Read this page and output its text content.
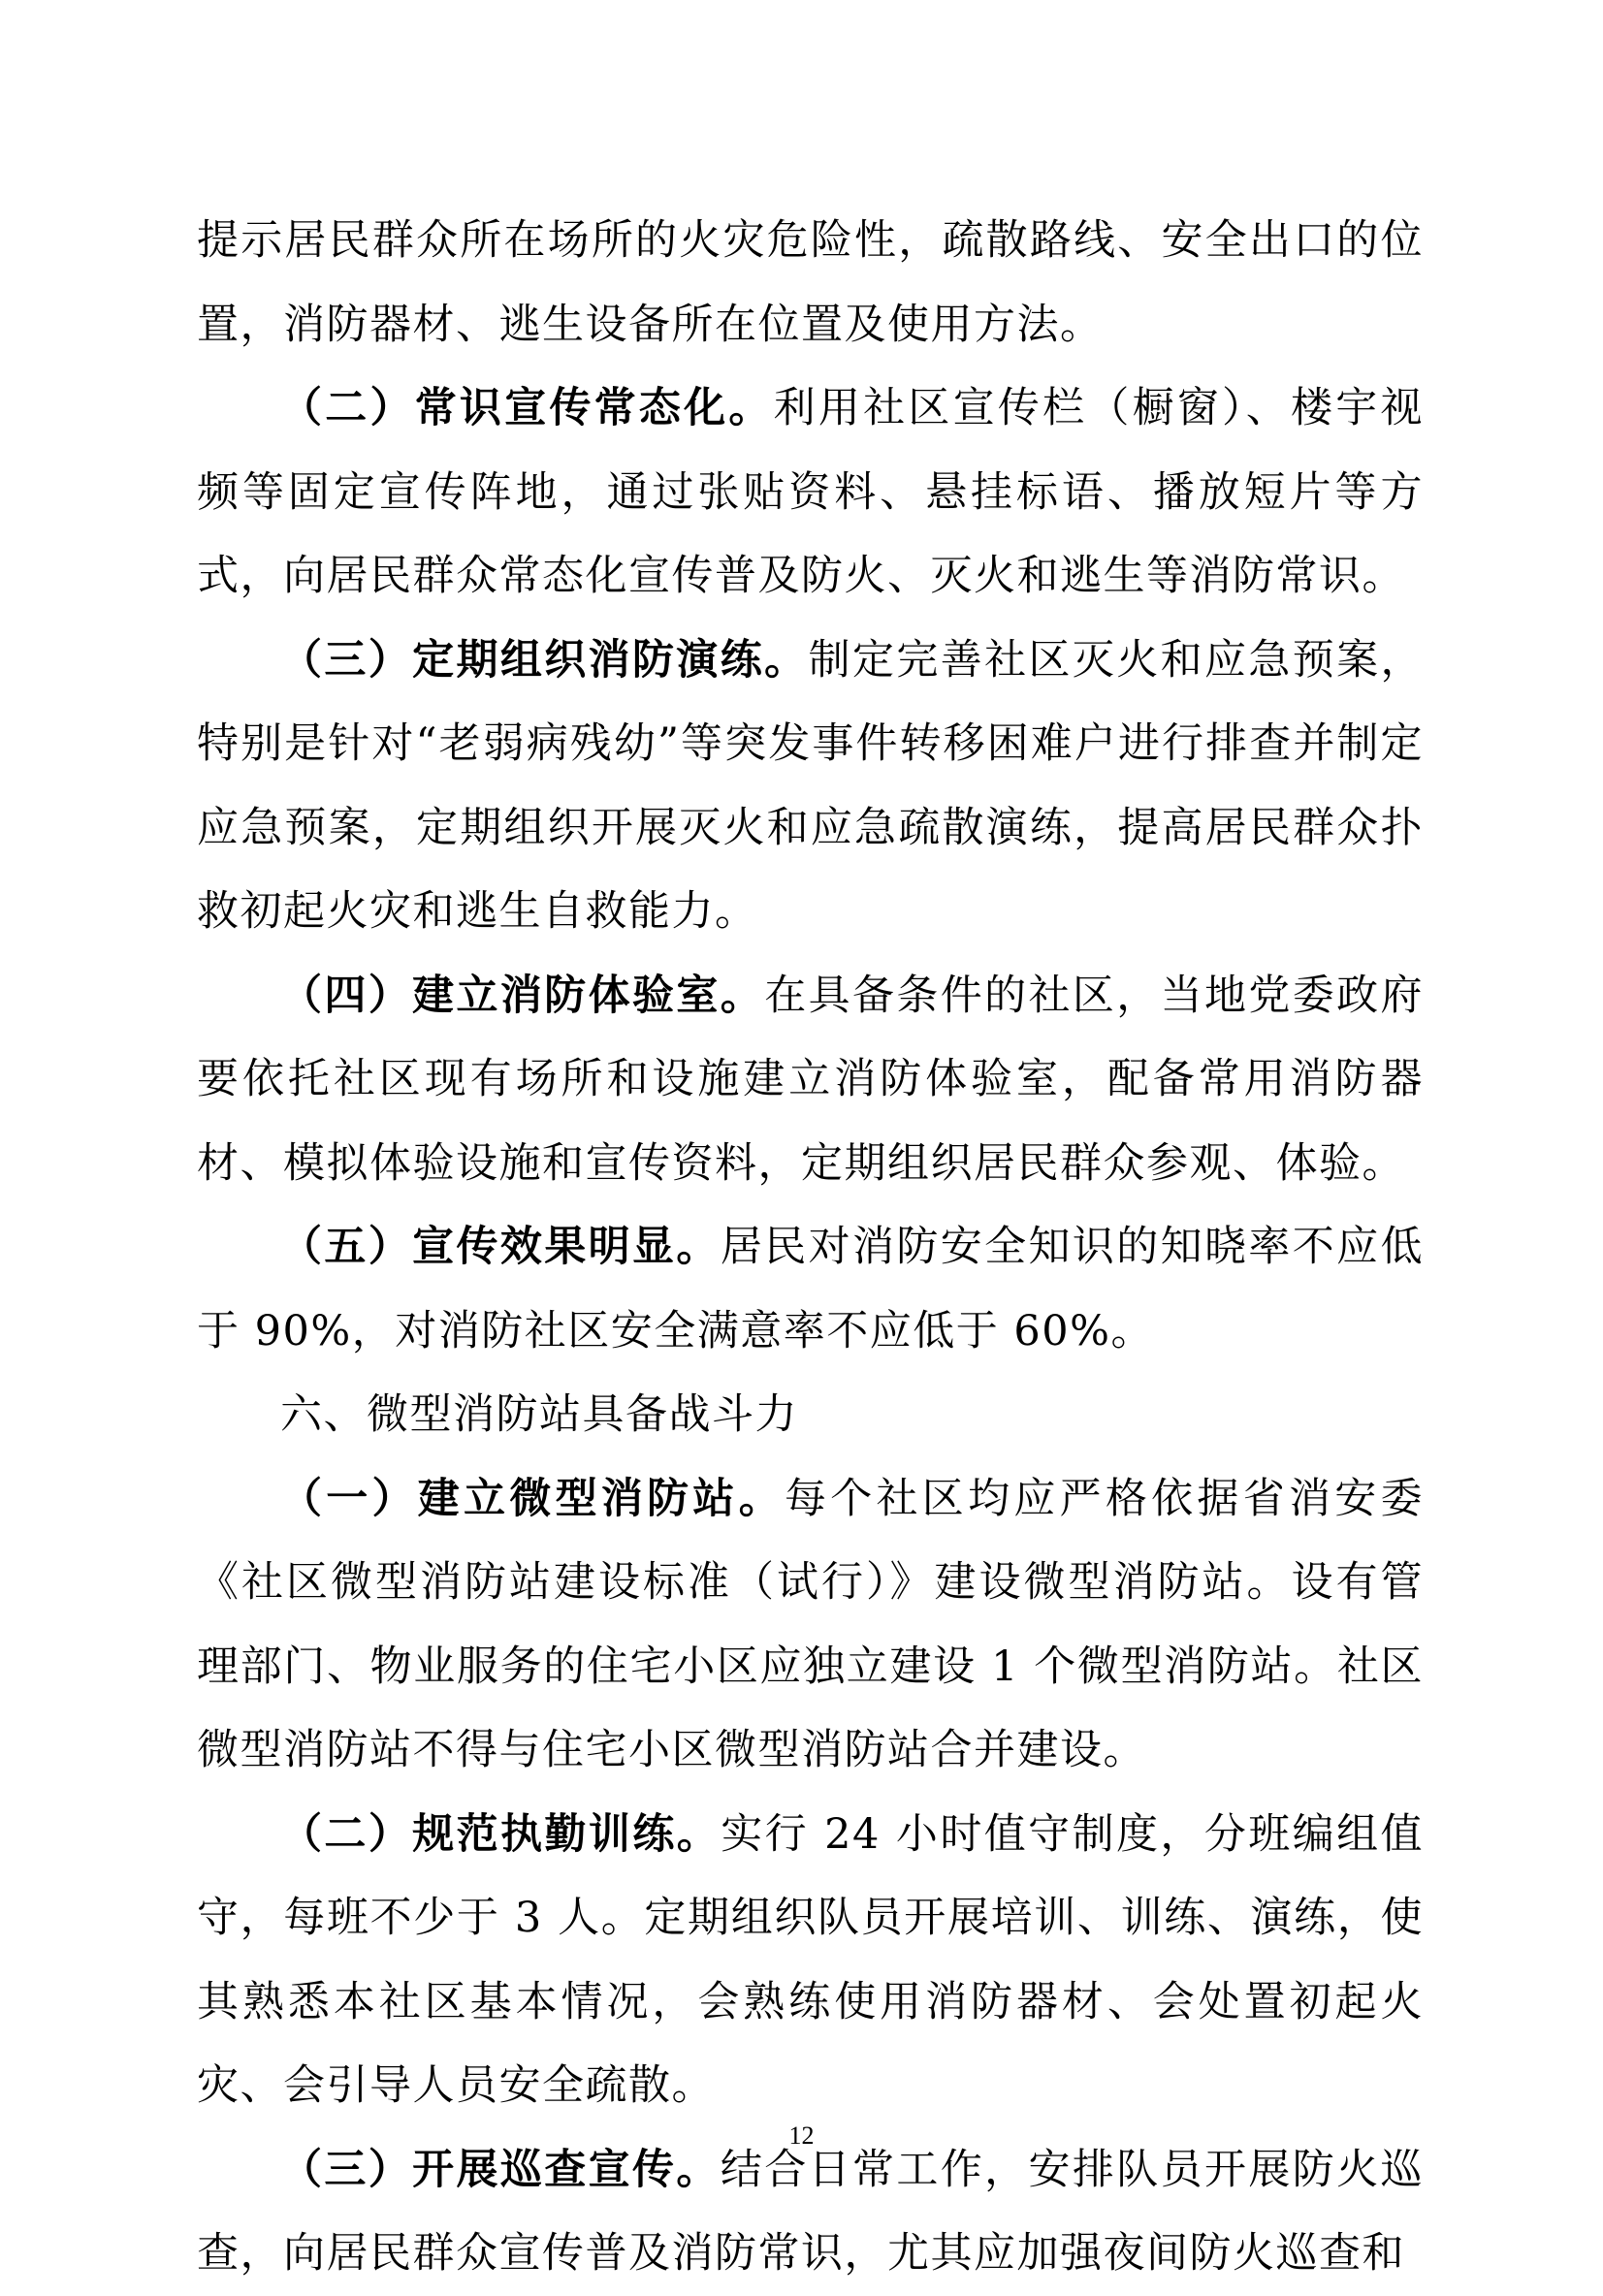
提示居民群众所在场所的火灾危险性，疏散路线、安全出口的位置，消防器材、逃生设备所在位置及使用方法。

（二）常识宣传常态化。利用社区宣传栏（橱窗）、楼宇视频等固定宣传阵地，通过张贴资料、悬挂标语、播放短片等方式，向居民群众常态化宣传普及防火、灭火和逃生等消防常识。

（三）定期组织消防演练。制定完善社区灭火和应急预案，特别是针对“老弱病残幼”等突发事件转移困难户进行排查并制定应急预案，定期组织开展灭火和应急疏散演练，提高居民群众扑救初起火灾和逃生自救能力。

（四）建立消防体验室。在具备条件的社区，当地党委政府要依托社区现有场所和设施建立消防体验室，配备常用消防器材、模拟体验设施和宣传资料，定期组织居民群众参观、体验。

（五）宣传效果明显。居民对消防安全知识的知晓率不应低于 90%，对消防社区安全满意率不应低于 60%。

六、微型消防站具备战斗力

（一）建立微型消防站。每个社区均应严格依据省消安委《社区微型消防站建设标准（试行）》建设微型消防站。设有管理部门、物业服务的住宅小区应独立建设 1 个微型消防站。社区微型消防站不得与住宅小区微型消防站合并建设。

（二）规范执勤训练。实行 24 小时值守制度，分班编组值守，每班不少于 3 人。定期组织队员开展培训、训练、演练，使其熟悉本社区基本情况，会熟练使用消防器材、会处置初起火灾、会引导人员安全疏散。

（三）开展巡查宣传。结合日常工作，安排队员开展防火巡查，向居民群众宣传普及消防常识，尤其应加强夜间防火巡查和

12
